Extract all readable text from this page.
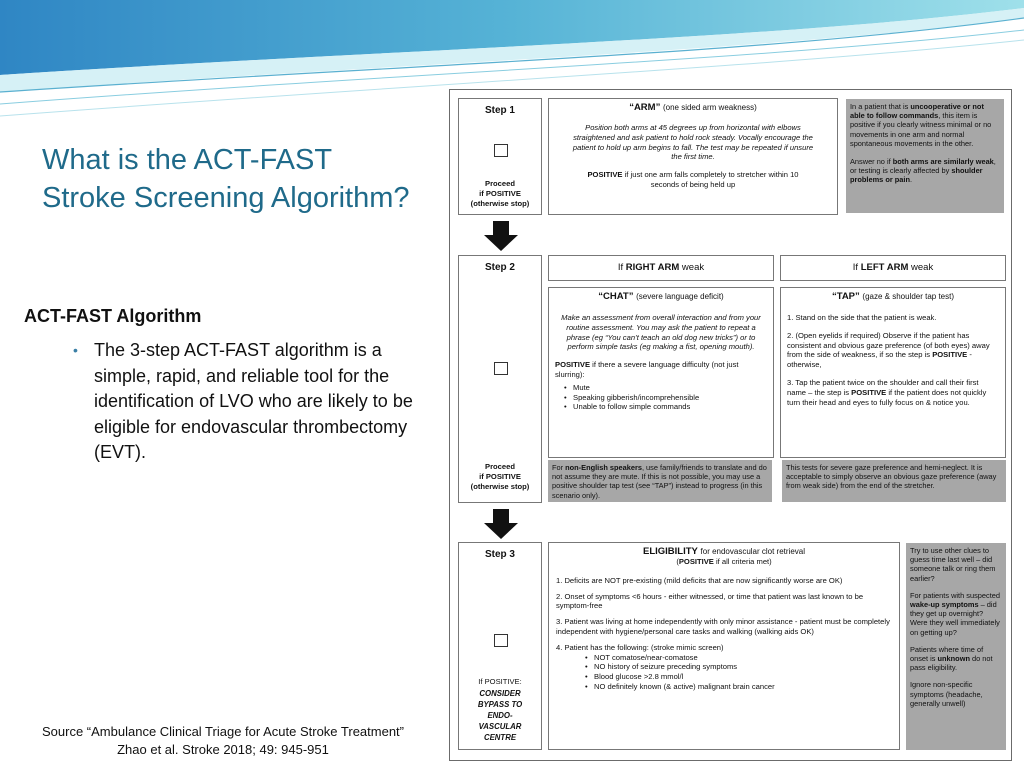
What is the ACT-FAST
Stroke Screening Algorithm?
ACT-FAST Algorithm
• The 3-step ACT-FAST algorithm is a simple, rapid, and reliable tool for the identification of LVO who are likely to be eligible for endovascular thrombectomy (EVT).
Source “Ambulance Clinical Triage for Acute Stroke Treatment”
Zhao et al. Stroke 2018; 49: 945-951
Step 1
Proceed
if POSITIVE
(otherwise stop)
“ARM” (one sided arm weakness)
Position both arms at 45 degrees up from horizontal with elbows straightened and ask patient to hold rock steady. Vocally encourage the patient to hold up arm begins to fall. The test may be repeated if unsure the first time.
POSITIVE if just one arm falls completely to stretcher within 10 seconds of being held up
In a patient that is uncooperative or not able to follow commands, this item is positive if you clearly witness minimal or no movements in one arm and normal spontaneous movements in the other.
Answer no if both arms are similarly weak, or testing is clearly affected by shoulder problems or pain.
Step 2
Proceed
if POSITIVE
(otherwise stop)
If RIGHT ARM weak	If LEFT ARM weak
“CHAT” (severe language deficit)
Make an assessment from overall interaction and from your routine assessment. You may ask the patient to repeat a phrase (eg “You can’t teach an old dog new tricks”) or to perform simple tasks (eg making a fist, opening mouth).
POSITIVE if there a severe language difficulty (not just slurring):
• Mute
• Speaking gibberish/incomprehensible
• Unable to follow simple commands
“TAP” (gaze & shoulder tap test)
1. Stand on the side that the patient is weak.
2. (Open eyelids if required) Observe if the patient has consistent and obvious gaze preference (of both eyes) away from the side of weakness, if so the step is POSITIVE - otherwise,
3. Tap the patient twice on the shoulder and call their first name – the step is POSITIVE if the patient does not quickly turn their head and eyes to fully focus on & notice you.
For non-English speakers, use family/friends to translate and do not assume they are mute. If this is not possible, you may use a positive shoulder tap test (see “TAP”) instead to progress (in this scenario only).
This tests for severe gaze preference and hemi-neglect. It is acceptable to simply observe an obvious gaze preference (away from weak side) from the end of the stretcher.
Step 3
If POSITIVE:
CONSIDER
BYPASS TO
ENDO-
VASCULAR
CENTRE
ELIGIBILITY for endovascular clot retrieval
(POSITIVE if all criteria met)
1. Deficits are NOT pre-existing (mild deficits that are now significantly worse are OK)
2. Onset of symptoms <6 hours - either witnessed, or time that patient was last known to be symptom-free
3. Patient was living at home independently with only minor assistance - patient must be completely independent with hygiene/personal care tasks and walking (walking aids OK)
4. Patient has the following: (stroke mimic screen)
• NOT comatose/near-comatose
• NO history of seizure preceding symptoms
• Blood glucose >2.8 mmol/l
• NO definitely known (& active) malignant brain cancer
Try to use other clues to guess time last well – did someone talk or ring them earlier?
For patients with suspected wake-up symptoms – did they get up overnight? Were they well immediately on getting up?
Patients where time of onset is unknown do not pass eligibility.
Ignore non-specific symptoms (headache, generally unwell)
